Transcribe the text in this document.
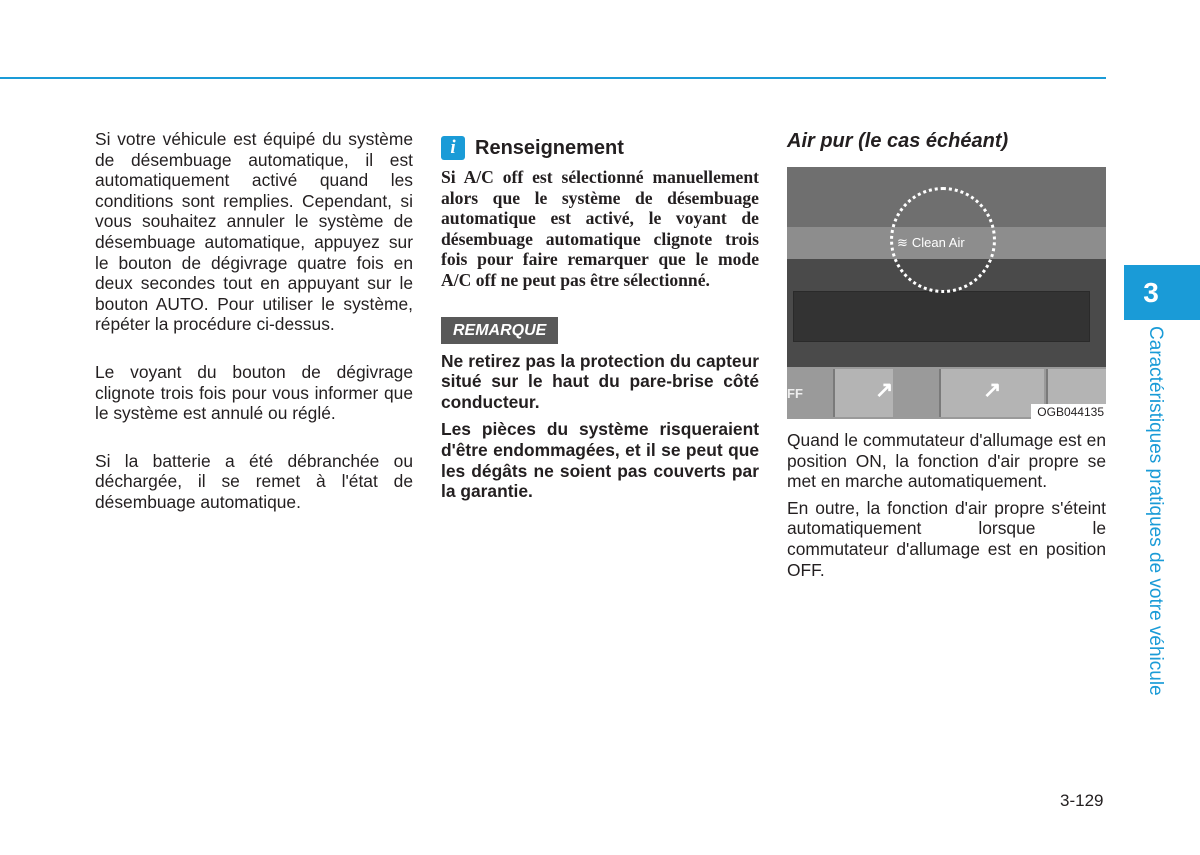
Si votre véhicule est équipé du système de désembuage automatique, il est automatiquement activé quand les conditions sont remplies. Cependant, si vous souhaitez annuler le système de désembuage automatique, appuyez sur le bouton de dégivrage quatre fois en deux secondes tout en appuyant sur le bouton AUTO. Pour utiliser le système, répéter la procédure ci-dessus.

Le voyant du bouton de dégivrage clignote trois fois pour vous informer que le système est annulé ou réglé.

Si la batterie a été débranchée ou déchargée, il se remet à l'état de désembuage automatique.

i Renseignement

Si A/C off est sélectionné manuellement alors que le système de désembuage automatique est activé, le voyant de désembuage automatique clignote trois fois pour faire remarquer que le mode A/C off ne peut pas être sélectionné.

REMARQUE

Ne retirez pas la protection du capteur situé sur le haut du pare-brise côté conducteur.

Les pièces du système risqueraient d'être endommagées, et il se peut que les dégâts ne soient pas couverts par la garantie.

Air pur (le cas échéant)
FF	↗	↗
≋ Clean Air
OGB044135

Quand le commutateur d'allumage est en position ON, la fonction d'air propre se met en marche automatiquement.

En outre, la fonction d'air propre s'éteint automatiquement lorsque le commutateur d'allumage est en position OFF.

3
Caractéristiques pratiques de votre véhicule
3-129
